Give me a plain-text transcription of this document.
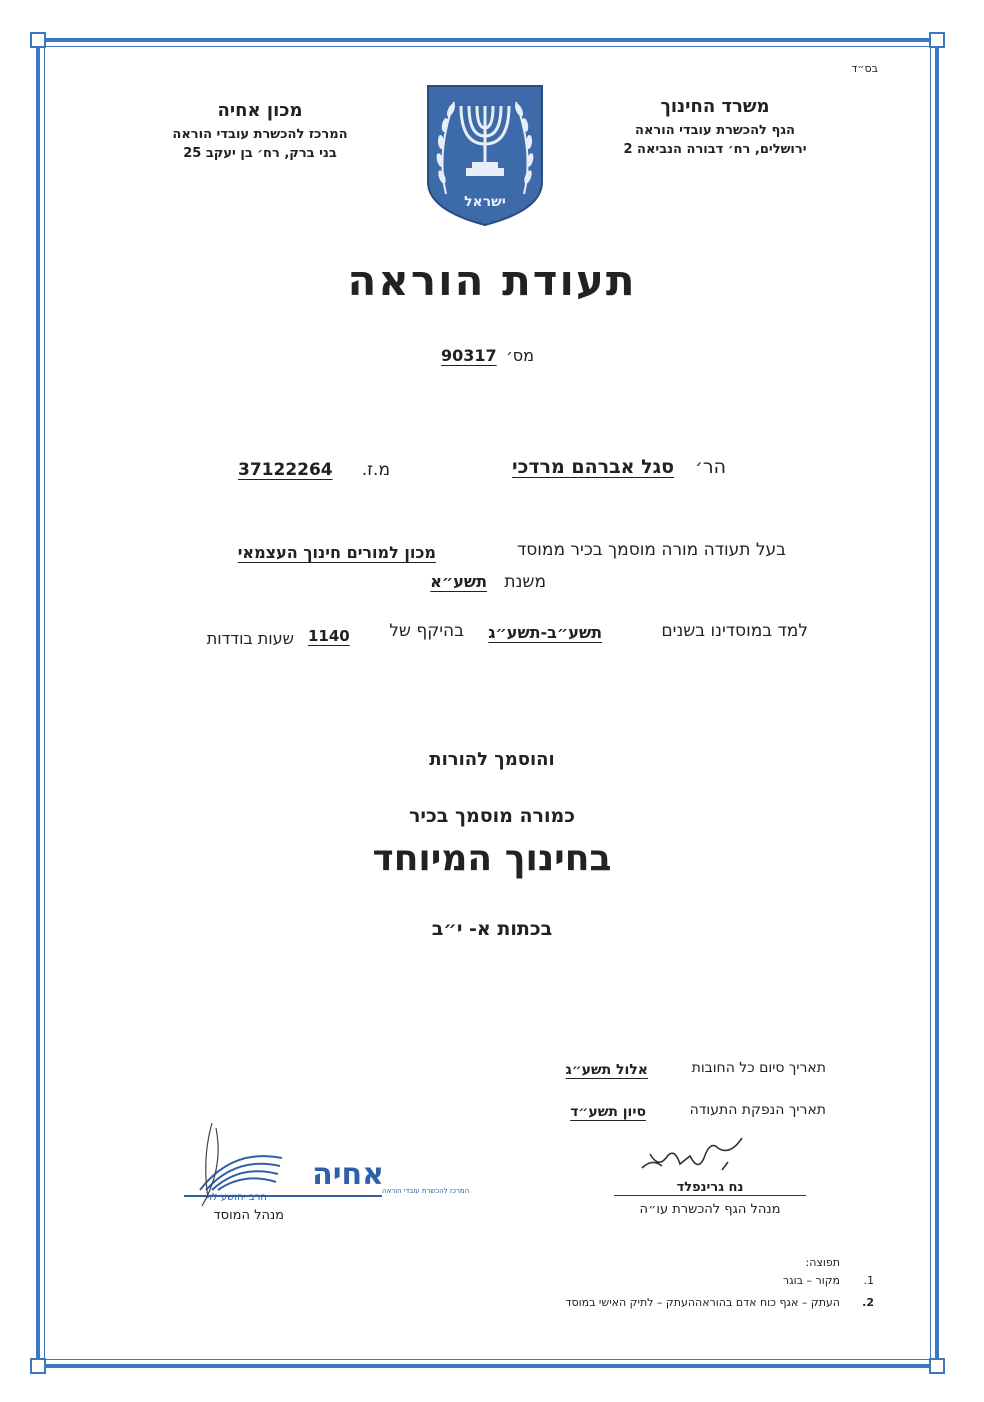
בס״ד
משרד החינוך
הגף להכשרת עובדי הוראה
ירושלים, רח׳ דבורה הנביאה 2
מכון אחיה
המרכז להכשרת עובדי הוראה
בני ברק, רח׳ בן יעקב 25
ישראל
תעודת הוראה
מס׳
90317
הר׳
סגל אברהם מרדכי
מ.ז.
37122264
בעל תעודה מורה מוסמך בכיר ממוסד
מכון למורים חינוך העצמאי
משנת
תשע״א
למד במוסדינו בשנים
תשע״ב-תשע״ג
בהיקף של
1140
שעות בודדות
והוסמך להורות
כמורה מוסמך בכיר
בחינוך המיוחד
בכתות א- י״ב
תאריך סיום כל החובות
אלול תשע״ג
תאריך הנפקת התעודה
סיון תשע״ד
נח גרינפלד
מנהל הגף להכשרת עו״ה
אחיה
המרכז להכשרת עובדי הוראה
הרב יהושע לוי
מנהל המוסד
תפוצה:
1.
מקור – בוגר
2.
העתק – אגף כוח אדם בהוראההעתק – לתיק האישי במוסד
